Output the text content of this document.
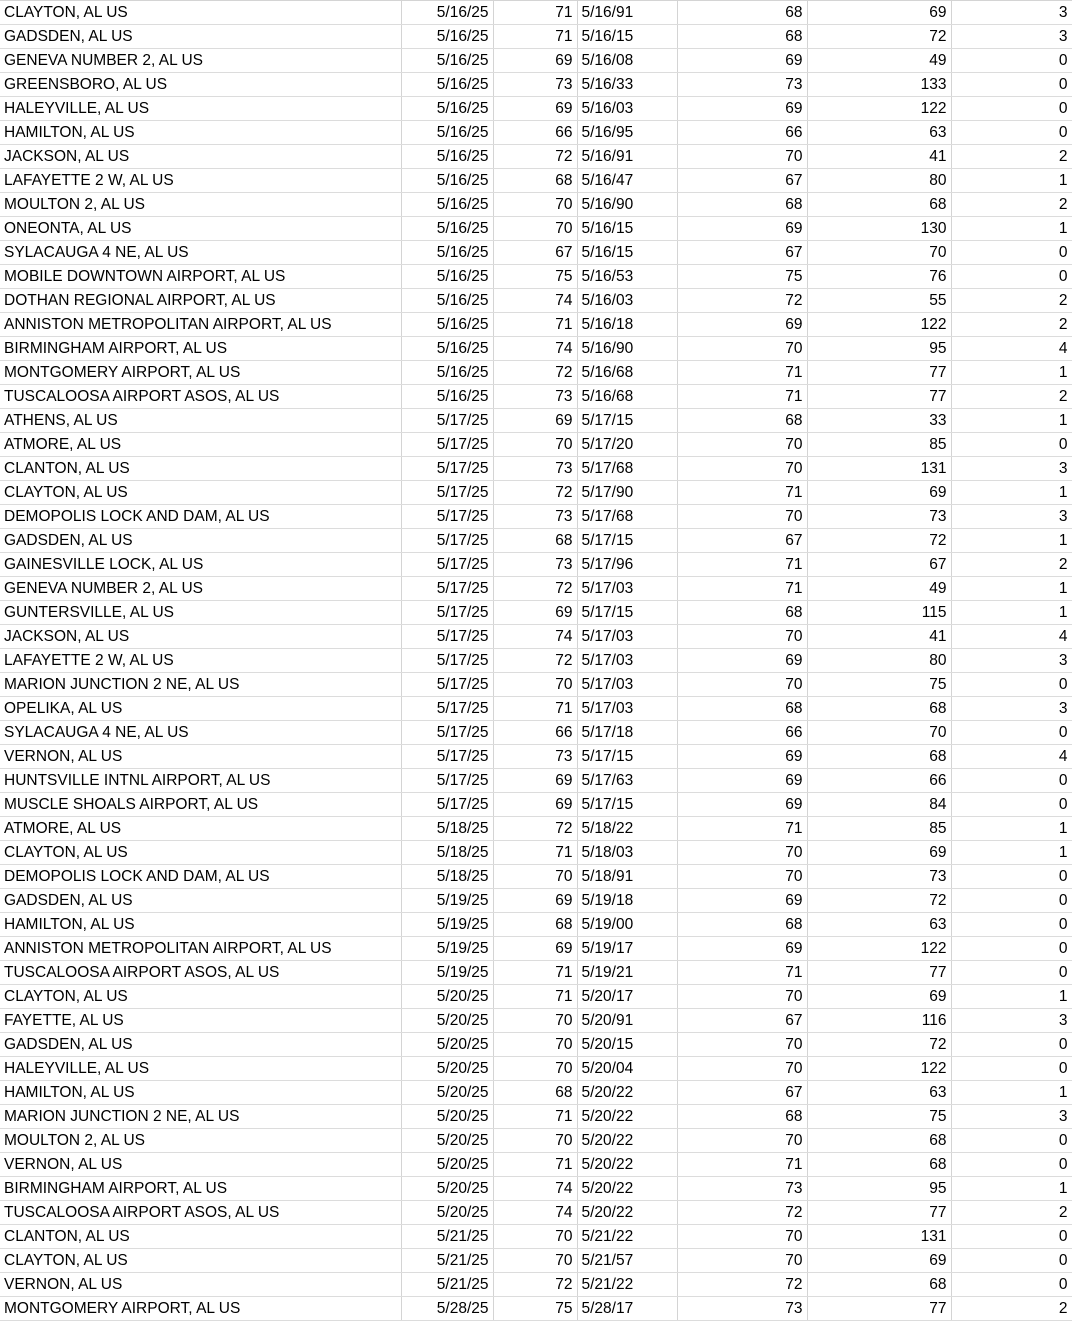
CLAYTON, AL US	5/16/25	71	5/16/91	68	69	3
GADSDEN, AL US	5/16/25	71	5/16/15	68	72	3
GENEVA NUMBER 2, AL US	5/16/25	69	5/16/08	69	49	0
GREENSBORO, AL US	5/16/25	73	5/16/33	73	133	0
HALEYVILLE, AL US	5/16/25	69	5/16/03	69	122	0
HAMILTON, AL US	5/16/25	66	5/16/95	66	63	0
JACKSON, AL US	5/16/25	72	5/16/91	70	41	2
LAFAYETTE 2 W, AL US	5/16/25	68	5/16/47	67	80	1
MOULTON 2, AL US	5/16/25	70	5/16/90	68	68	2
ONEONTA, AL US	5/16/25	70	5/16/15	69	130	1
SYLACAUGA 4 NE, AL US	5/16/25	67	5/16/15	67	70	0
MOBILE DOWNTOWN AIRPORT, AL US	5/16/25	75	5/16/53	75	76	0
DOTHAN REGIONAL AIRPORT, AL US	5/16/25	74	5/16/03	72	55	2
ANNISTON METROPOLITAN AIRPORT, AL US	5/16/25	71	5/16/18	69	122	2
BIRMINGHAM AIRPORT, AL US	5/16/25	74	5/16/90	70	95	4
MONTGOMERY AIRPORT, AL US	5/16/25	72	5/16/68	71	77	1
TUSCALOOSA AIRPORT ASOS, AL US	5/16/25	73	5/16/68	71	77	2
ATHENS, AL US	5/17/25	69	5/17/15	68	33	1
ATMORE, AL US	5/17/25	70	5/17/20	70	85	0
CLANTON, AL US	5/17/25	73	5/17/68	70	131	3
CLAYTON, AL US	5/17/25	72	5/17/90	71	69	1
DEMOPOLIS LOCK AND DAM, AL US	5/17/25	73	5/17/68	70	73	3
GADSDEN, AL US	5/17/25	68	5/17/15	67	72	1
GAINESVILLE LOCK, AL US	5/17/25	73	5/17/96	71	67	2
GENEVA NUMBER 2, AL US	5/17/25	72	5/17/03	71	49	1
GUNTERSVILLE, AL US	5/17/25	69	5/17/15	68	115	1
JACKSON, AL US	5/17/25	74	5/17/03	70	41	4
LAFAYETTE 2 W, AL US	5/17/25	72	5/17/03	69	80	3
MARION JUNCTION 2 NE, AL US	5/17/25	70	5/17/03	70	75	0
OPELIKA, AL US	5/17/25	71	5/17/03	68	68	3
SYLACAUGA 4 NE, AL US	5/17/25	66	5/17/18	66	70	0
VERNON, AL US	5/17/25	73	5/17/15	69	68	4
HUNTSVILLE INTNL AIRPORT, AL US	5/17/25	69	5/17/63	69	66	0
MUSCLE SHOALS AIRPORT, AL US	5/17/25	69	5/17/15	69	84	0
ATMORE, AL US	5/18/25	72	5/18/22	71	85	1
CLAYTON, AL US	5/18/25	71	5/18/03	70	69	1
DEMOPOLIS LOCK AND DAM, AL US	5/18/25	70	5/18/91	70	73	0
GADSDEN, AL US	5/19/25	69	5/19/18	69	72	0
HAMILTON, AL US	5/19/25	68	5/19/00	68	63	0
ANNISTON METROPOLITAN AIRPORT, AL US	5/19/25	69	5/19/17	69	122	0
TUSCALOOSA AIRPORT ASOS, AL US	5/19/25	71	5/19/21	71	77	0
CLAYTON, AL US	5/20/25	71	5/20/17	70	69	1
FAYETTE, AL US	5/20/25	70	5/20/91	67	116	3
GADSDEN, AL US	5/20/25	70	5/20/15	70	72	0
HALEYVILLE, AL US	5/20/25	70	5/20/04	70	122	0
HAMILTON, AL US	5/20/25	68	5/20/22	67	63	1
MARION JUNCTION 2 NE, AL US	5/20/25	71	5/20/22	68	75	3
MOULTON 2, AL US	5/20/25	70	5/20/22	70	68	0
VERNON, AL US	5/20/25	71	5/20/22	71	68	0
BIRMINGHAM AIRPORT, AL US	5/20/25	74	5/20/22	73	95	1
TUSCALOOSA AIRPORT ASOS, AL US	5/20/25	74	5/20/22	72	77	2
CLANTON, AL US	5/21/25	70	5/21/22	70	131	0
CLAYTON, AL US	5/21/25	70	5/21/57	70	69	0
VERNON, AL US	5/21/25	72	5/21/22	72	68	0
MONTGOMERY AIRPORT, AL US	5/28/25	75	5/28/17	73	77	2
